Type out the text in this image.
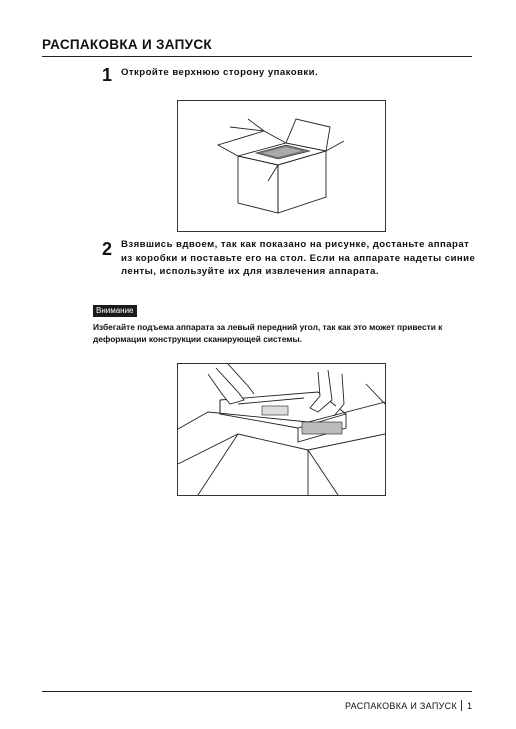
РАСПАКОВКА И ЗАПУСК
1 Откройте верхнюю сторону упаковки.

2 Взявшись вдвоем, так как показано на рисунке, достаньте аппарат из коробки и поставьте его на стол. Если на аппарате надеты синие ленты, используйте их для извлечения аппарата.

Внимание

Избегайте подъема аппарата за левый передний угол, так как это может привести к деформации конструкции сканирующей системы.

РАСПАКОВКА И ЗАПУСК 1
